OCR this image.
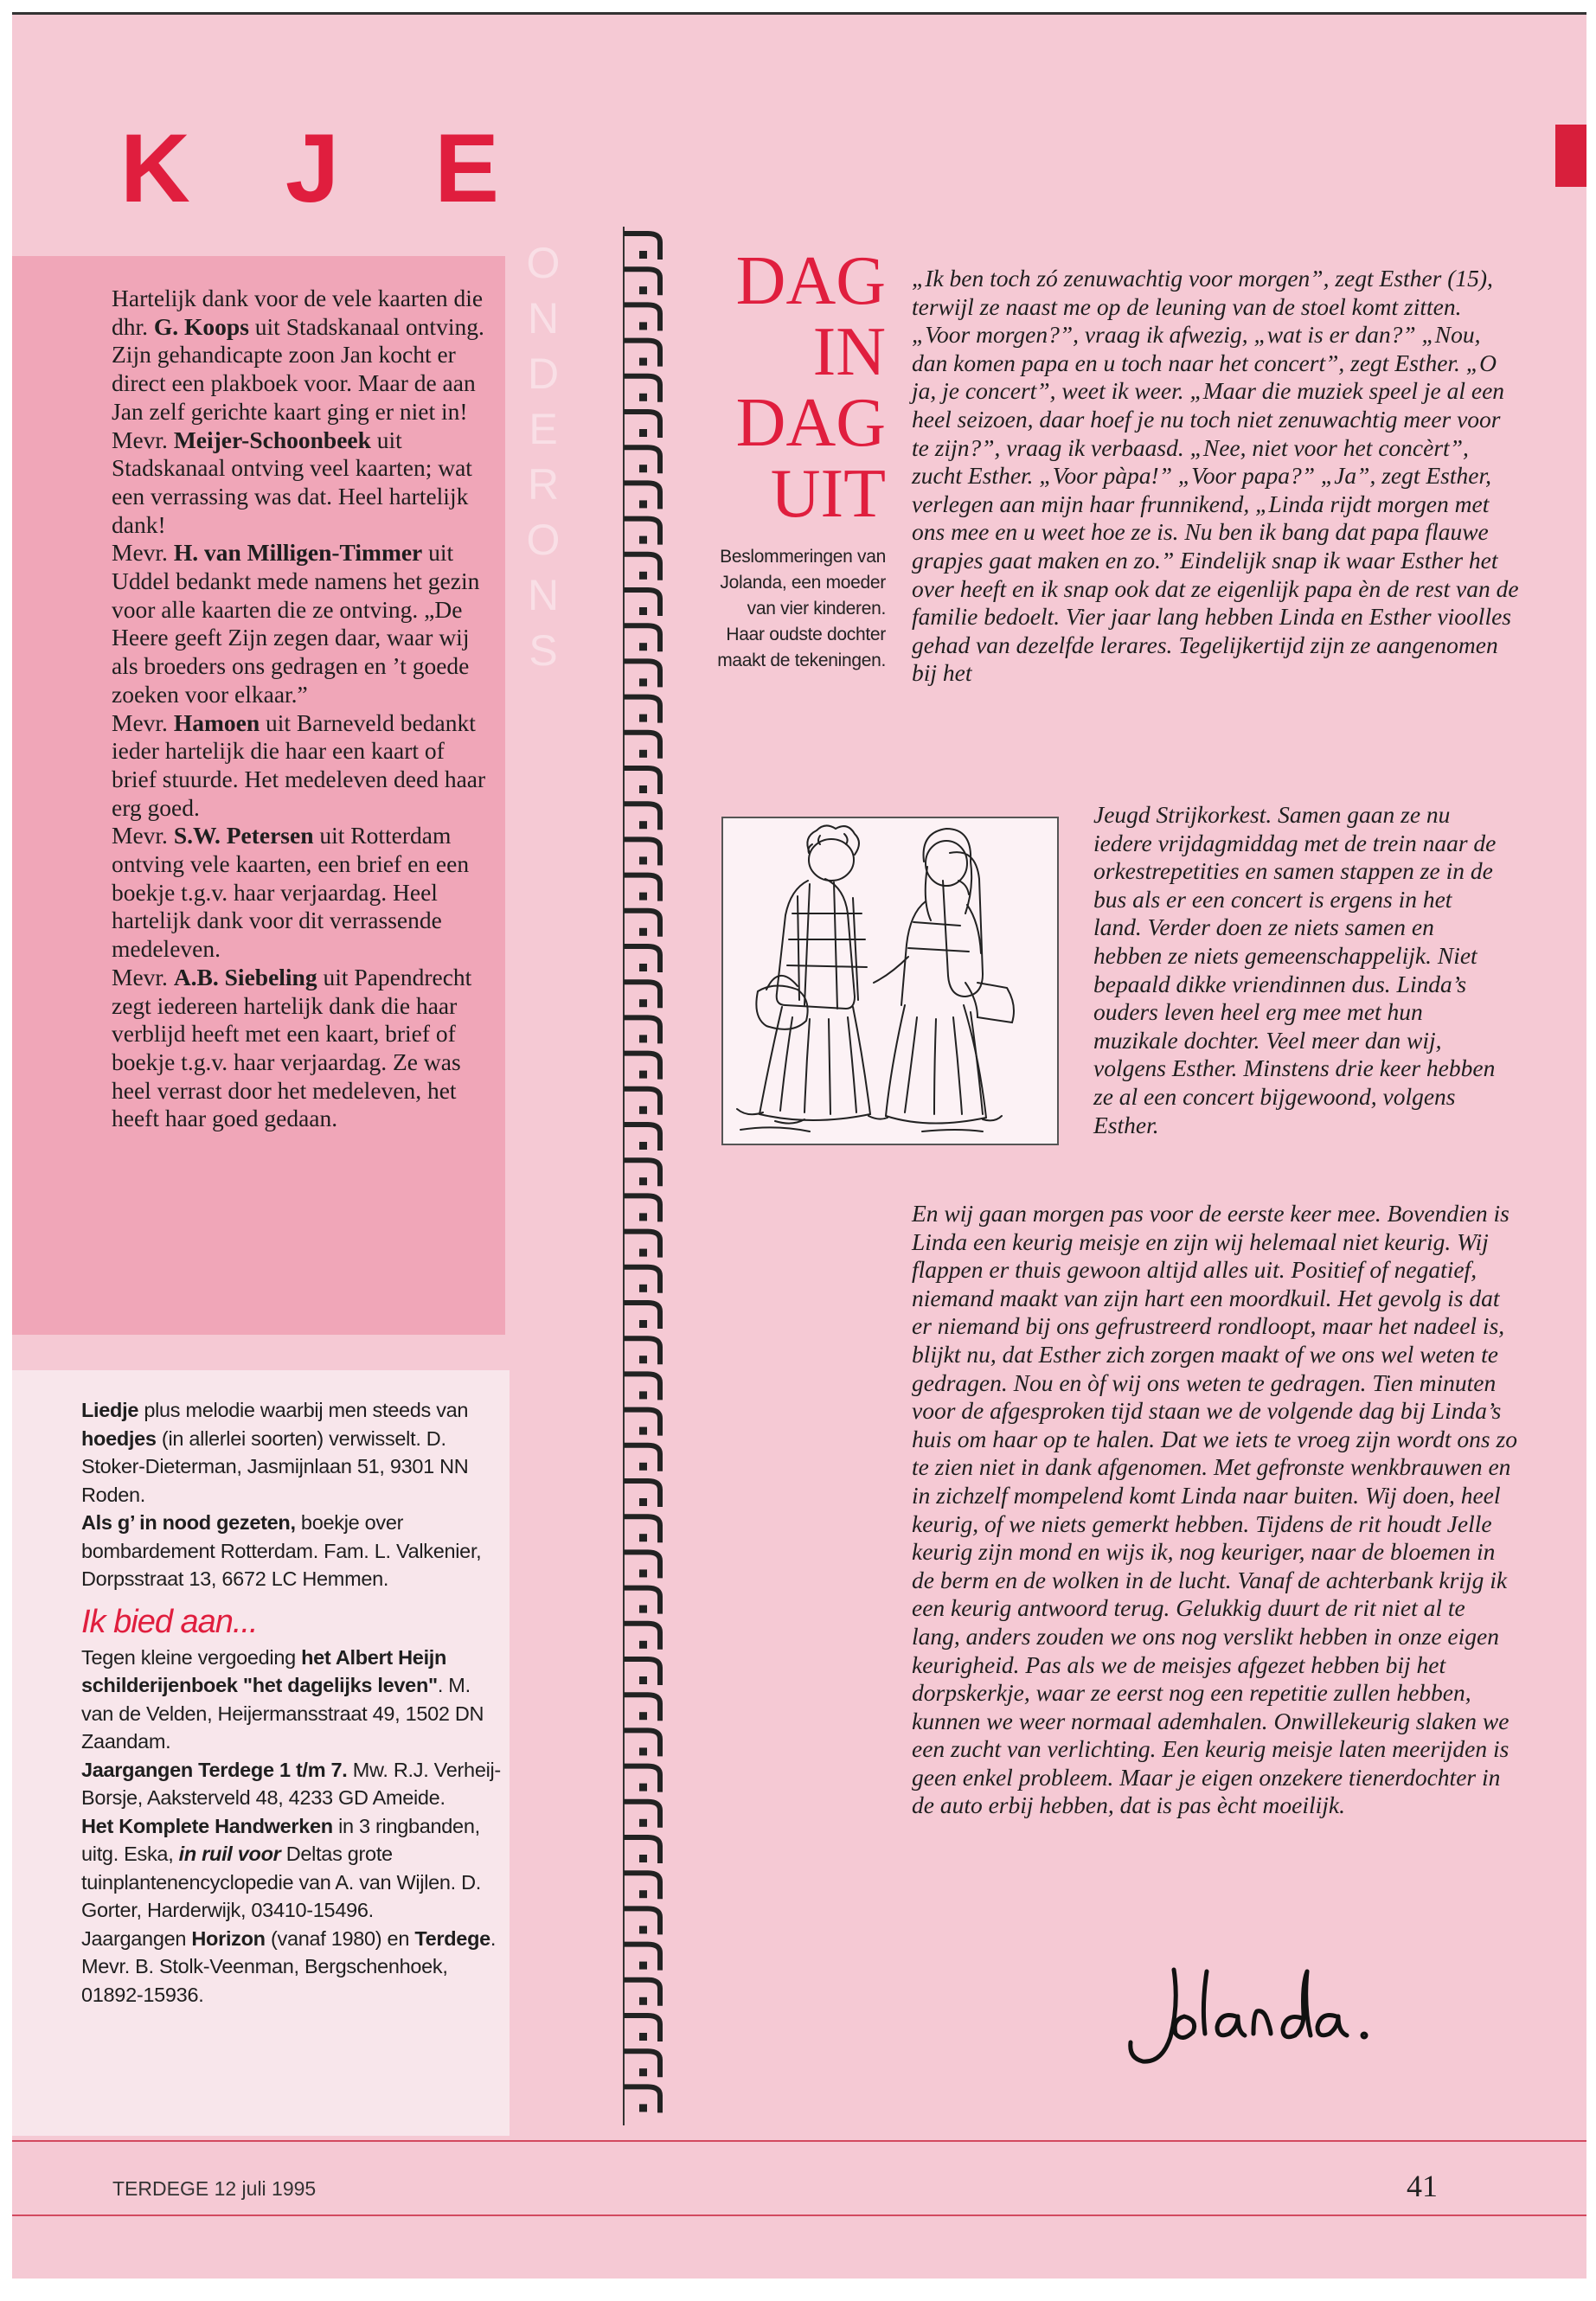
K J E

Hartelijk dank voor de vele kaarten die dhr. G. Koops uit Stadskanaal ontving. Zijn gehandicapte zoon Jan kocht er direct een plakboek voor. Maar de aan Jan zelf gerichte kaart ging er niet in!
Mevr. Meijer-Schoonbeek uit Stadskanaal ontving veel kaarten; wat een verrassing was dat. Heel hartelijk dank!
Mevr. H. van Milligen-Timmer uit Uddel bedankt mede namens het gezin voor alle kaarten die ze ontving. „De Heere geeft Zijn zegen daar, waar wij als broeders ons gedragen en ’t goede zoeken voor elkaar.”
Mevr. Hamoen uit Barneveld bedankt ieder hartelijk die haar een kaart of brief stuurde. Het medeleven deed haar erg goed.
Mevr. S.W. Petersen uit Rotterdam ontving vele kaarten, een brief en een boekje t.g.v. haar verjaardag. Heel hartelijk dank voor dit verrassende medeleven.
Mevr. A.B. Siebeling uit Papendrecht zegt iedereen hartelijk dank die haar verblijd heeft met een kaart, brief of boekje t.g.v. haar verjaardag. Ze was heel verrast door het medeleven, het heeft haar goed gedaan.

O
N
D
E
R
O
N
S

Liedje plus melodie waarbij men steeds van hoedjes (in allerlei soorten) verwisselt. D. Stoker-Dieterman, Jasmijnlaan 51, 9301 NN Roden.

Als g’ in nood gezeten, boekje over bombardement Rotterdam. Fam. L. Valkenier, Dorpsstraat 13, 6672 LC Hemmen.

Ik bied aan...

Tegen kleine vergoeding het Albert Heijn schilderijenboek "het dagelijks leven". M. van de Velden, Heijermansstraat 49, 1502 DN Zaandam.

Jaargangen Terdege 1 t/m 7. Mw. R.J. Verheij-Borsje, Aaksterveld 48, 4233 GD Ameide.

Het Komplete Handwerken in 3 ringbanden, uitg. Eska, in ruil voor Deltas grote tuinplantenencyclopedie van A. van Wijlen. D. Gorter, Harderwijk, 03410-15496.

Jaargangen Horizon (vanaf 1980) en Terdege. Mevr. B. Stolk-Veenman, Bergschenhoek, 01892-15936.

DAG
IN
DAG
UIT

Beslommeringen van Jolanda, een moeder van vier kinderen. Haar oudste dochter maakt de tekeningen.

„Ik ben toch zó zenuwachtig voor morgen”, zegt Esther (15), terwijl ze naast me op de leuning van de stoel komt zitten. „Voor morgen?”, vraag ik afwezig, „wat is er dan?” „Nou, dan komen papa en u toch naar het concert”, zegt Esther. „O ja, je concert”, weet ik weer. „Maar die muziek speel je al een heel seizoen, daar hoef je nu toch niet zenuwachtig meer voor te zijn?”, vraag ik verbaasd. „Nee, niet voor het concèrt”, zucht Esther. „Voor pàpa!” „Voor papa?” „Ja”, zegt Esther, verlegen aan mijn haar frunnikend, „Linda rijdt morgen met ons mee en u weet hoe ze is. Nu ben ik bang dat papa flauwe grapjes gaat maken en zo.” Eindelijk snap ik waar Esther het over heeft en ik snap ook dat ze eigenlijk papa èn de rest van de familie bedoelt. Vier jaar lang hebben Linda en Esther vioolles gehad van dezelfde lerares. Tegelijkertijd zijn ze aangenomen bij het

Jeugd Strijkorkest. Samen gaan ze nu iedere vrijdagmiddag met de trein naar de orkestrepetities en samen stappen ze in de bus als er een concert is ergens in het land. Verder doen ze niets samen en hebben ze niets gemeenschappelijk. Niet bepaald dikke vriendinnen dus. Linda’s ouders leven heel erg mee met hun muzikale dochter. Veel meer dan wij, volgens Esther. Minstens drie keer hebben ze al een concert bijgewoond, volgens Esther.

En wij gaan morgen pas voor de eerste keer mee. Bovendien is Linda een keurig meisje en zijn wij helemaal niet keurig. Wij flappen er thuis gewoon altijd alles uit. Positief of negatief, niemand maakt van zijn hart een moordkuil. Het gevolg is dat er niemand bij ons gefrustreerd rondloopt, maar het nadeel is, blijkt nu, dat Esther zich zorgen maakt of we ons wel weten te gedragen. Nou en òf wij ons weten te gedragen. Tien minuten voor de afgesproken tijd staan we de volgende dag bij Linda’s huis om haar op te halen. Dat we iets te vroeg zijn wordt ons zo te zien niet in dank afgenomen. Met gefronste wenkbrauwen en in zichzelf mompelend komt Linda naar buiten. Wij doen, heel keurig, of we niets gemerkt hebben. Tijdens de rit houdt Jelle keurig zijn mond en wijs ik, nog keuriger, naar de bloemen in de berm en de wolken in de lucht. Vanaf de achterbank krijg ik een keurig antwoord terug. Gelukkig duurt de rit niet al te lang, anders zouden we ons nog verslikt hebben in onze eigen keurigheid. Pas als we de meisjes afgezet hebben bij het dorpskerkje, waar ze eerst nog een repetitie zullen hebben, kunnen we weer normaal ademhalen. Onwillekeurig slaken we een zucht van verlichting. Een keurig meisje laten meerijden is geen enkel probleem. Maar je eigen onzekere tienerdochter in de auto erbij hebben, dat is pas ècht moeilijk.

TERDEGE 12 juli 1995	41
